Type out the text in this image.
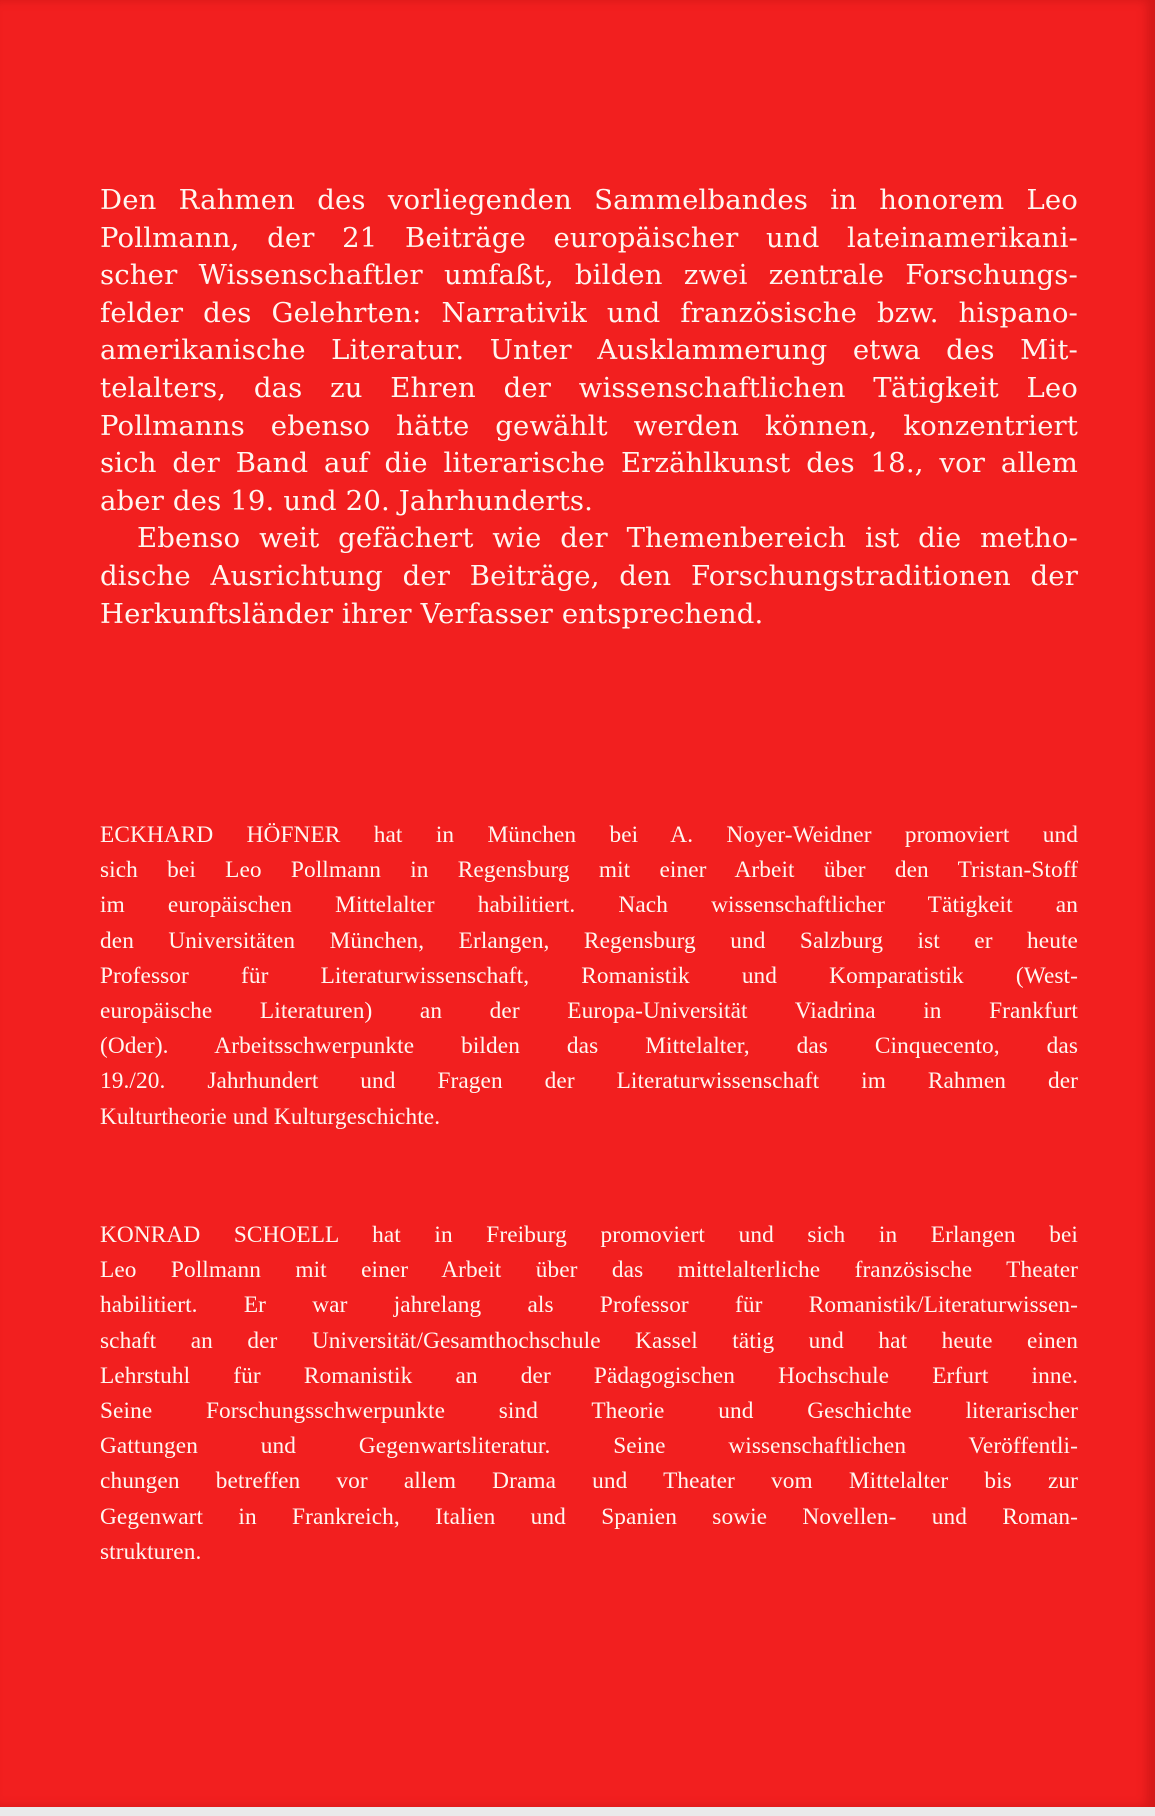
Den Rahmen des vorliegenden Sammelbandes in honorem Leo
Pollmann, der 21 Beiträge europäischer und lateinamerikani-
scher Wissenschaftler umfaßt, bilden zwei zentrale Forschungs-
felder des Gelehrten: Narrativik und französische bzw. hispano-
amerikanische Literatur. Unter Ausklammerung etwa des Mit-
telalters, das zu Ehren der wissenschaftlichen Tätigkeit Leo
Pollmanns ebenso hätte gewählt werden können, konzentriert
sich der Band auf die literarische Erzählkunst des 18., vor allem
aber des 19. und 20. Jahrhunderts.

Ebenso weit gefächert wie der Themenbereich ist die metho-
dische Ausrichtung der Beiträge, den Forschungstraditionen der
Herkunftsländer ihrer Verfasser entsprechend.

ECKHARD HÖFNER hat in München bei A. Noyer-Weidner promoviert und
sich bei Leo Pollmann in Regensburg mit einer Arbeit über den Tristan-Stoff
im europäischen Mittelalter habilitiert. Nach wissenschaftlicher Tätigkeit an
den Universitäten München, Erlangen, Regensburg und Salzburg ist er heute
Professor für Literaturwissenschaft, Romanistik und Komparatistik (West-
europäische Literaturen) an der Europa-Universität Viadrina in Frankfurt
(Oder). Arbeitsschwerpunkte bilden das Mittelalter, das Cinquecento, das
19./20. Jahrhundert und Fragen der Literaturwissenschaft im Rahmen der
Kulturtheorie und Kulturgeschichte.
KONRAD SCHOELL hat in Freiburg promoviert und sich in Erlangen bei
Leo Pollmann mit einer Arbeit über das mittelalterliche französische Theater
habilitiert. Er war jahrelang als Professor für Romanistik/Literaturwissen-
schaft an der Universität/Gesamthochschule Kassel tätig und hat heute einen
Lehrstuhl für Romanistik an der Pädagogischen Hochschule Erfurt inne.
Seine Forschungsschwerpunkte sind Theorie und Geschichte literarischer
Gattungen und Gegenwartsliteratur. Seine wissenschaftlichen Veröffentli-
chungen betreffen vor allem Drama und Theater vom Mittelalter bis zur
Gegenwart in Frankreich, Italien und Spanien sowie Novellen- und Roman-
strukturen.
